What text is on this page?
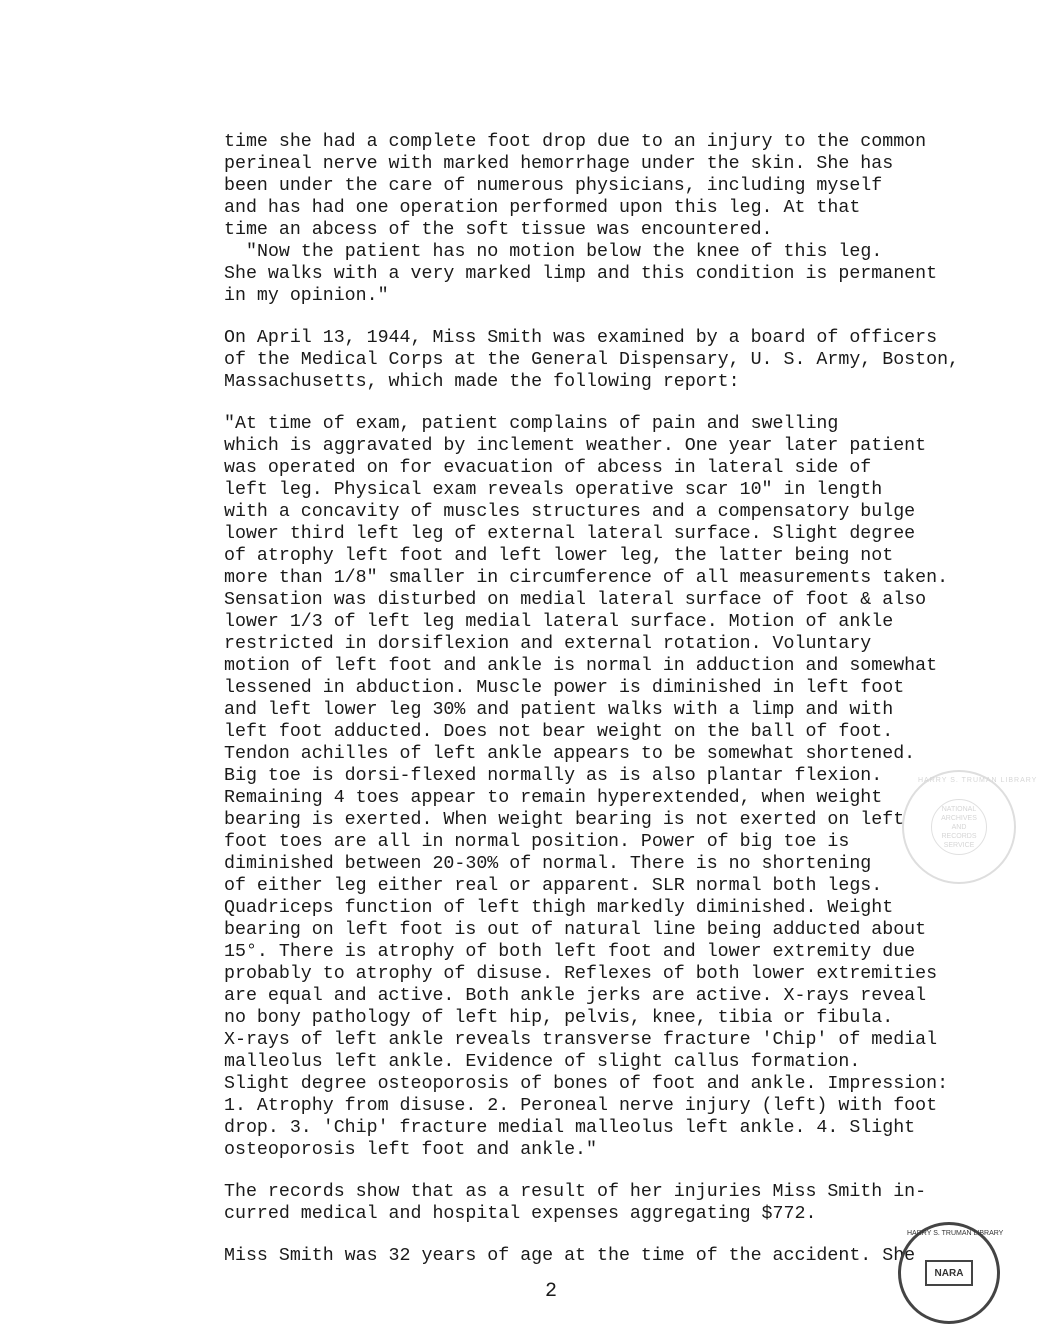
time she had a complete foot drop due to an injury to the common

perineal nerve with marked hemorrhage under the skin. She has

been under the care of numerous physicians, including myself

and has had one operation performed upon this leg. At that

time an abcess of the soft tissue was encountered.

"Now the patient has no motion below the knee of this leg.

She walks with a very marked limp and this condition is permanent

in my opinion."

On April 13, 1944, Miss Smith was examined by a board of officers

of the Medical Corps at the General Dispensary, U. S. Army, Boston,

Massachusetts, which made the following report:

"At time of exam, patient complains of pain and swelling

which is aggravated by inclement weather. One year later patient

was operated on for evacuation of abcess in lateral side of

left leg. Physical exam reveals operative scar 10" in length

with a concavity of muscles structures and a compensatory bulge

lower third left leg of external lateral surface. Slight degree

of atrophy left foot and left lower leg, the latter being not

more than 1/8" smaller in circumference of all measurements taken.

Sensation was disturbed on medial lateral surface of foot & also

lower 1/3 of left leg medial lateral surface. Motion of ankle

restricted in dorsiflexion and external rotation. Voluntary

motion of left foot and ankle is normal in adduction and somewhat

lessened in abduction. Muscle power is diminished in left foot

and left lower leg 30% and patient walks with a limp and with

left foot adducted. Does not bear weight on the ball of foot.

Tendon achilles of left ankle appears to be somewhat shortened.

Big toe is dorsi-flexed normally as is also plantar flexion.

Remaining 4 toes appear to remain hyperextended, when weight

bearing is exerted. When weight bearing is not exerted on left

foot toes are all in normal position. Power of big toe is

diminished between 20-30% of normal. There is no shortening

of either leg either real or apparent. SLR normal both legs.

Quadriceps function of left thigh markedly diminished. Weight

bearing on left foot is out of natural line being adducted about

15°. There is atrophy of both left foot and lower extremity due

probably to atrophy of disuse. Reflexes of both lower extremities

are equal and active. Both ankle jerks are active. X-rays reveal

no bony pathology of left hip, pelvis, knee, tibia or fibula.

X-rays of left ankle reveals transverse fracture 'Chip' of medial

malleolus left ankle. Evidence of slight callus formation.

Slight degree osteoporosis of bones of foot and ankle. Impression:

1. Atrophy from disuse. 2. Peroneal nerve injury (left) with foot

drop. 3. 'Chip' fracture medial malleolus left ankle. 4. Slight

osteoporosis left foot and ankle."

The records show that as a result of her injuries Miss Smith in-

curred medical and hospital expenses aggregating $772.

Miss Smith was 32 years of age at the time of the accident. She

2

NATIONAL ARCHIVES AND RECORDS SERVICE
HARRY S. TRUMAN LIBRARY
HARRY S. TRUMAN LIBRARY
NARA
